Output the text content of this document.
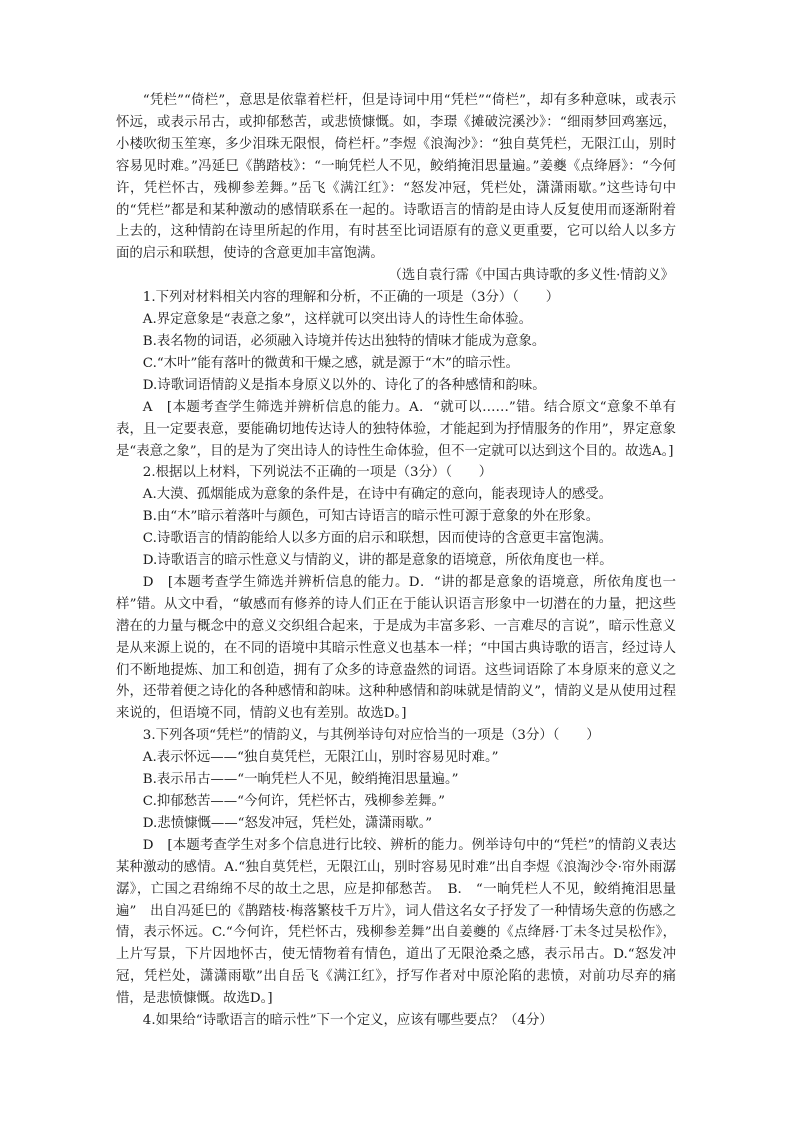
“凭栏”“倚栏”，意思是依靠着栏杆，但是诗词中用“凭栏”“倚栏”，却有多种意味，或表示怀远，或表示吊古，或抑郁愁苦，或悲愤慷慨。如，李璟《摊破浣溪沙》：“细雨梦回鸡塞远，小楼吹彻玉笙寒，多少泪珠无限恨，倚栏杆。”李煜《浪淘沙》：“独自莫凭栏，无限江山，别时容易见时难。”冯延巳《鹊踏枝》：“一晌凭栏人不见，鲛绡掩泪思量遍。”姜夔《点绛唇》：“今何许，凭栏怀古，残柳参差舞。”岳飞《满江红》：“怒发冲冠，凭栏处，潇潇雨歇。”这些诗句中的“凭栏”都是和某种激动的感情联系在一起的。诗歌语言的情韵是由诗人反复使用而逐渐附着上去的，这种情韵在诗里所起的作用，有时甚至比词语原有的意义更重要，它可以给人以多方面的启示和联想，使诗的含意更加丰富饱满。

（选自袁行霈《中国古典诗歌的多义性·情韵义》

1.下列对材料相关内容的理解和分析，不正确的一项是（3分）（　　）

A.界定意象是“表意之象”，这样就可以突出诗人的诗性生命体验。

B.表名物的词语，必须融入诗境并传达出独特的情味才能成为意象。

C.“木叶”能有落叶的微黄和干燥之感，就是源于“木”的暗示性。

D.诗歌词语情韵义是指本身原义以外的、诗化了的各种感情和韵味。

A　[本题考查学生筛选并辨析信息的能力。A．“就可以……”错。结合原文“意象不单有表，且一定要表意，要能确切地传达诗人的独特体验，才能起到为抒情服务的作用”，界定意象是“表意之象”，目的是为了突出诗人的诗性生命体验，但不一定就可以达到这个目的。故选A。]

2.根据以上材料，下列说法不正确的一项是（3分）（　　）

A.大漠、孤烟能成为意象的条件是，在诗中有确定的意向，能表现诗人的感受。

B.由“木”暗示着落叶与颜色，可知古诗语言的暗示性可源于意象的外在形象。

C.诗歌语言的情韵能给人以多方面的启示和联想，因而使诗的含意更丰富饱满。

D.诗歌语言的暗示性意义与情韵义，讲的都是意象的语境意，所依角度也一样。

D　[本题考查学生筛选并辨析信息的能力。D．“讲的都是意象的语境意，所依角度也一样”错。从文中看，“敏感而有修养的诗人们正在于能认识语言形象中一切潜在的力量，把这些潜在的力量与概念中的意义交织组合起来，于是成为丰富多彩、一言难尽的言说”，暗示性意义是从来源上说的，在不同的语境中其暗示性意义也基本一样；“中国古典诗歌的语言，经过诗人们不断地提炼、加工和创造，拥有了众多的诗意盎然的词语。这些词语除了本身原来的意义之外，还带着便之诗化的各种感情和韵味。这种种感情和韵味就是情韵义”，情韵义是从使用过程来说的，但语境不同，情韵义也有差别。故选D。]

3.下列各项“凭栏”的情韵义，与其例举诗句对应恰当的一项是（3分）（　　）

A.表示怀远——“独自莫凭栏，无限江山，别时容易见时难。”

B.表示吊古——“一晌凭栏人不见，鲛绡掩泪思量遍。”

C.抑郁愁苦——“今何许，凭栏怀古，残柳参差舞。”

D.悲愤慷慨——“怒发冲冠，凭栏处，潇潇雨歇。”

D　[本题考查学生对多个信息进行比较、辨析的能力。例举诗句中的“凭栏”的情韵义表达某种激动的感情。A.“独自莫凭栏，无限江山，别时容易见时难”出自李煜《浪淘沙令·帘外雨潺潺》，亡国之君绵绵不尽的故土之思，应是抑郁愁苦。　B.　“一晌凭栏人不见，鲛绡掩泪思量遍”　出自冯延巳的《鹊踏枝·梅落繁枝千万片》，词人借这名女子抒发了一种情场失意的伤感之情，表示怀远。C.“今何许，凭栏怀古，残柳参差舞”出自姜夔的《点绛唇·丁未冬过吴松作》，上片写景，下片因地怀古，使无情物着有情色，道出了无限沧桑之感，表示吊古。D.“怒发冲冠，凭栏处，潇潇雨歇”出自岳飞《满江红》，抒写作者对中原沦陷的悲愤，对前功尽弃的痛惜，是悲愤慷慨。故选D。]

4.如果给“诗歌语言的暗示性”下一个定义，应该有哪些要点？（4分）
